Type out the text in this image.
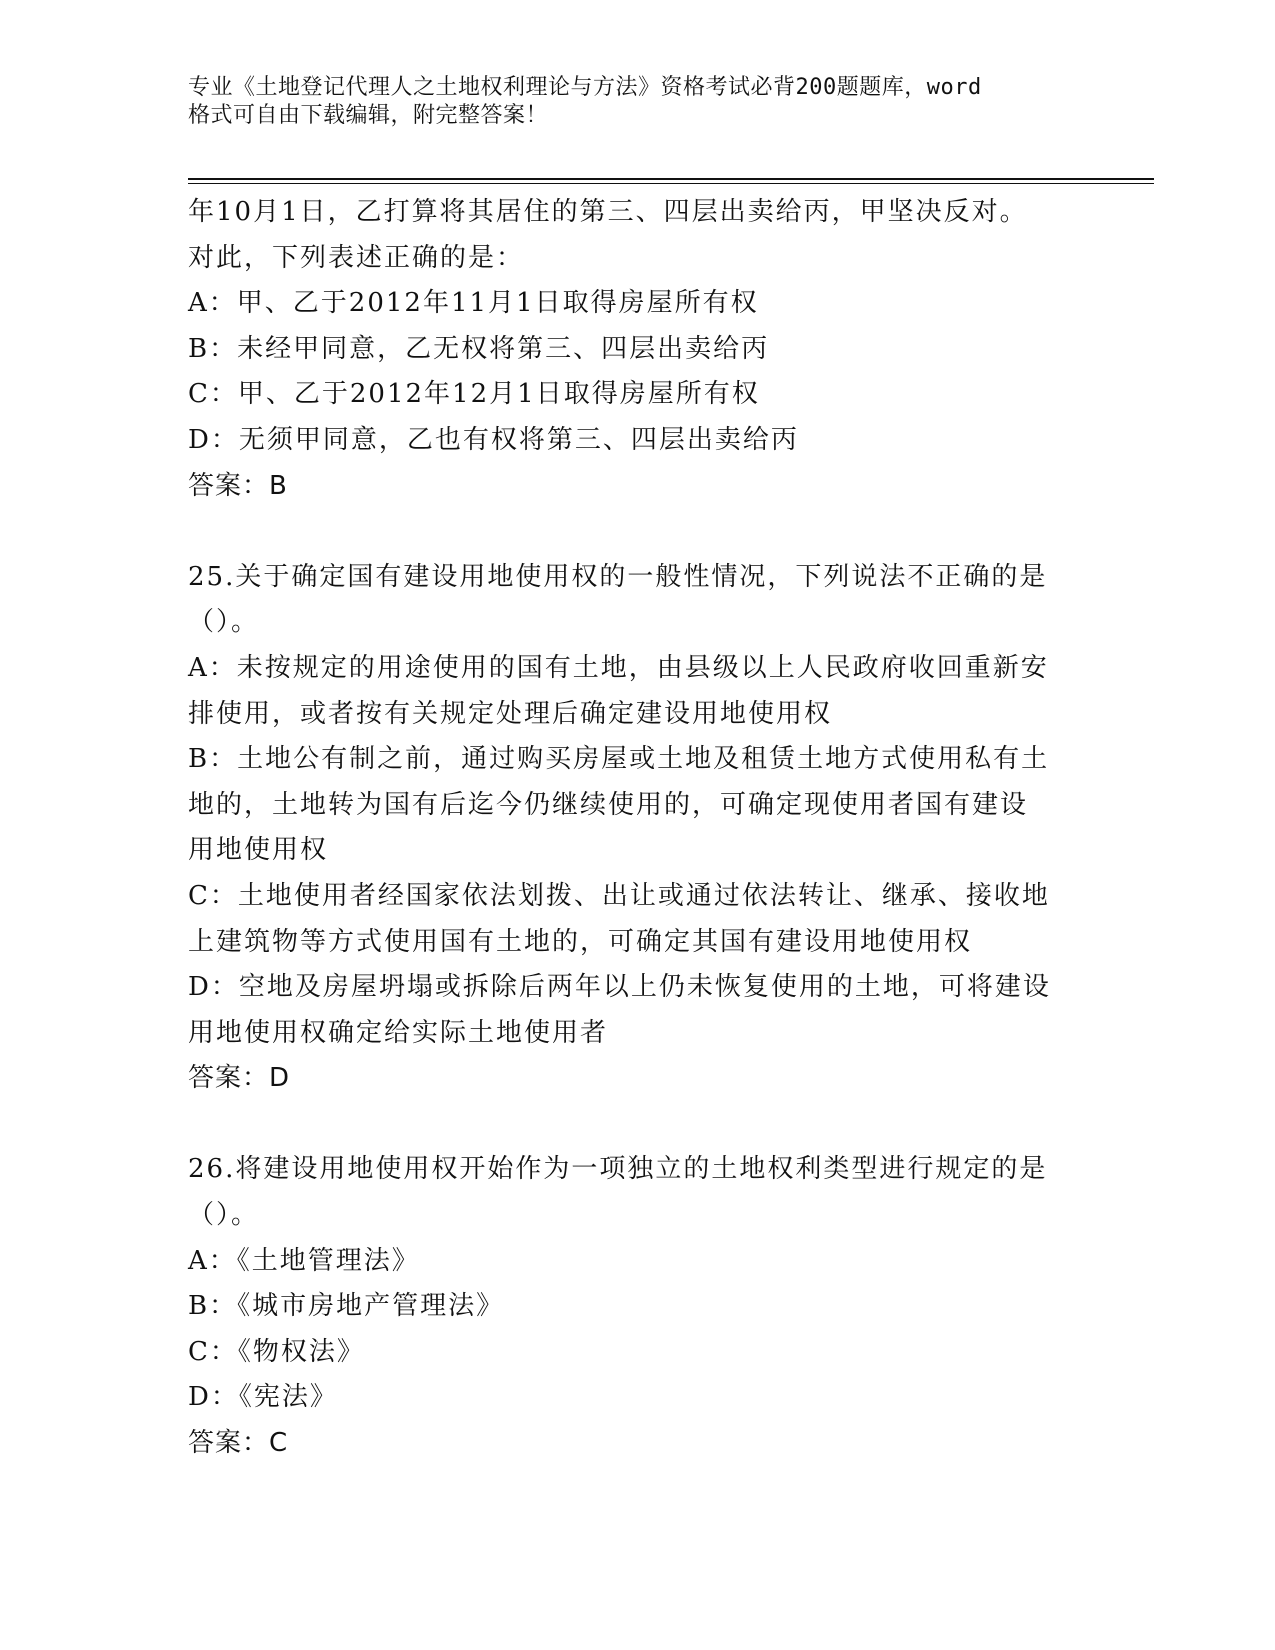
专业《土地登记代理人之土地权利理论与方法》资格考试必背200题题库，word
格式可自由下载编辑，附完整答案！
年10月1日，乙打算将其居住的第三、四层出卖给丙，甲坚决反对。
对此，下列表述正确的是：
A：甲、乙于2012年11月1日取得房屋所有权
B：未经甲同意，乙无权将第三、四层出卖给丙
C：甲、乙于2012年12月1日取得房屋所有权
D：无须甲同意，乙也有权将第三、四层出卖给丙
答案：B
25.关于确定国有建设用地使用权的一般性情况，下列说法不正确的是
（）。
A：未按规定的用途使用的国有土地，由县级以上人民政府收回重新安
排使用，或者按有关规定处理后确定建设用地使用权
B：土地公有制之前，通过购买房屋或土地及租赁土地方式使用私有土
地的，土地转为国有后迄今仍继续使用的，可确定现使用者国有建设
用地使用权
C：土地使用者经国家依法划拨、出让或通过依法转让、继承、接收地
上建筑物等方式使用国有土地的，可确定其国有建设用地使用权
D：空地及房屋坍塌或拆除后两年以上仍未恢复使用的土地，可将建设
用地使用权确定给实际土地使用者
答案：D
26.将建设用地使用权开始作为一项独立的土地权利类型进行规定的是
（）。
A：《土地管理法》
B：《城市房地产管理法》
C：《物权法》
D：《宪法》
答案：C
